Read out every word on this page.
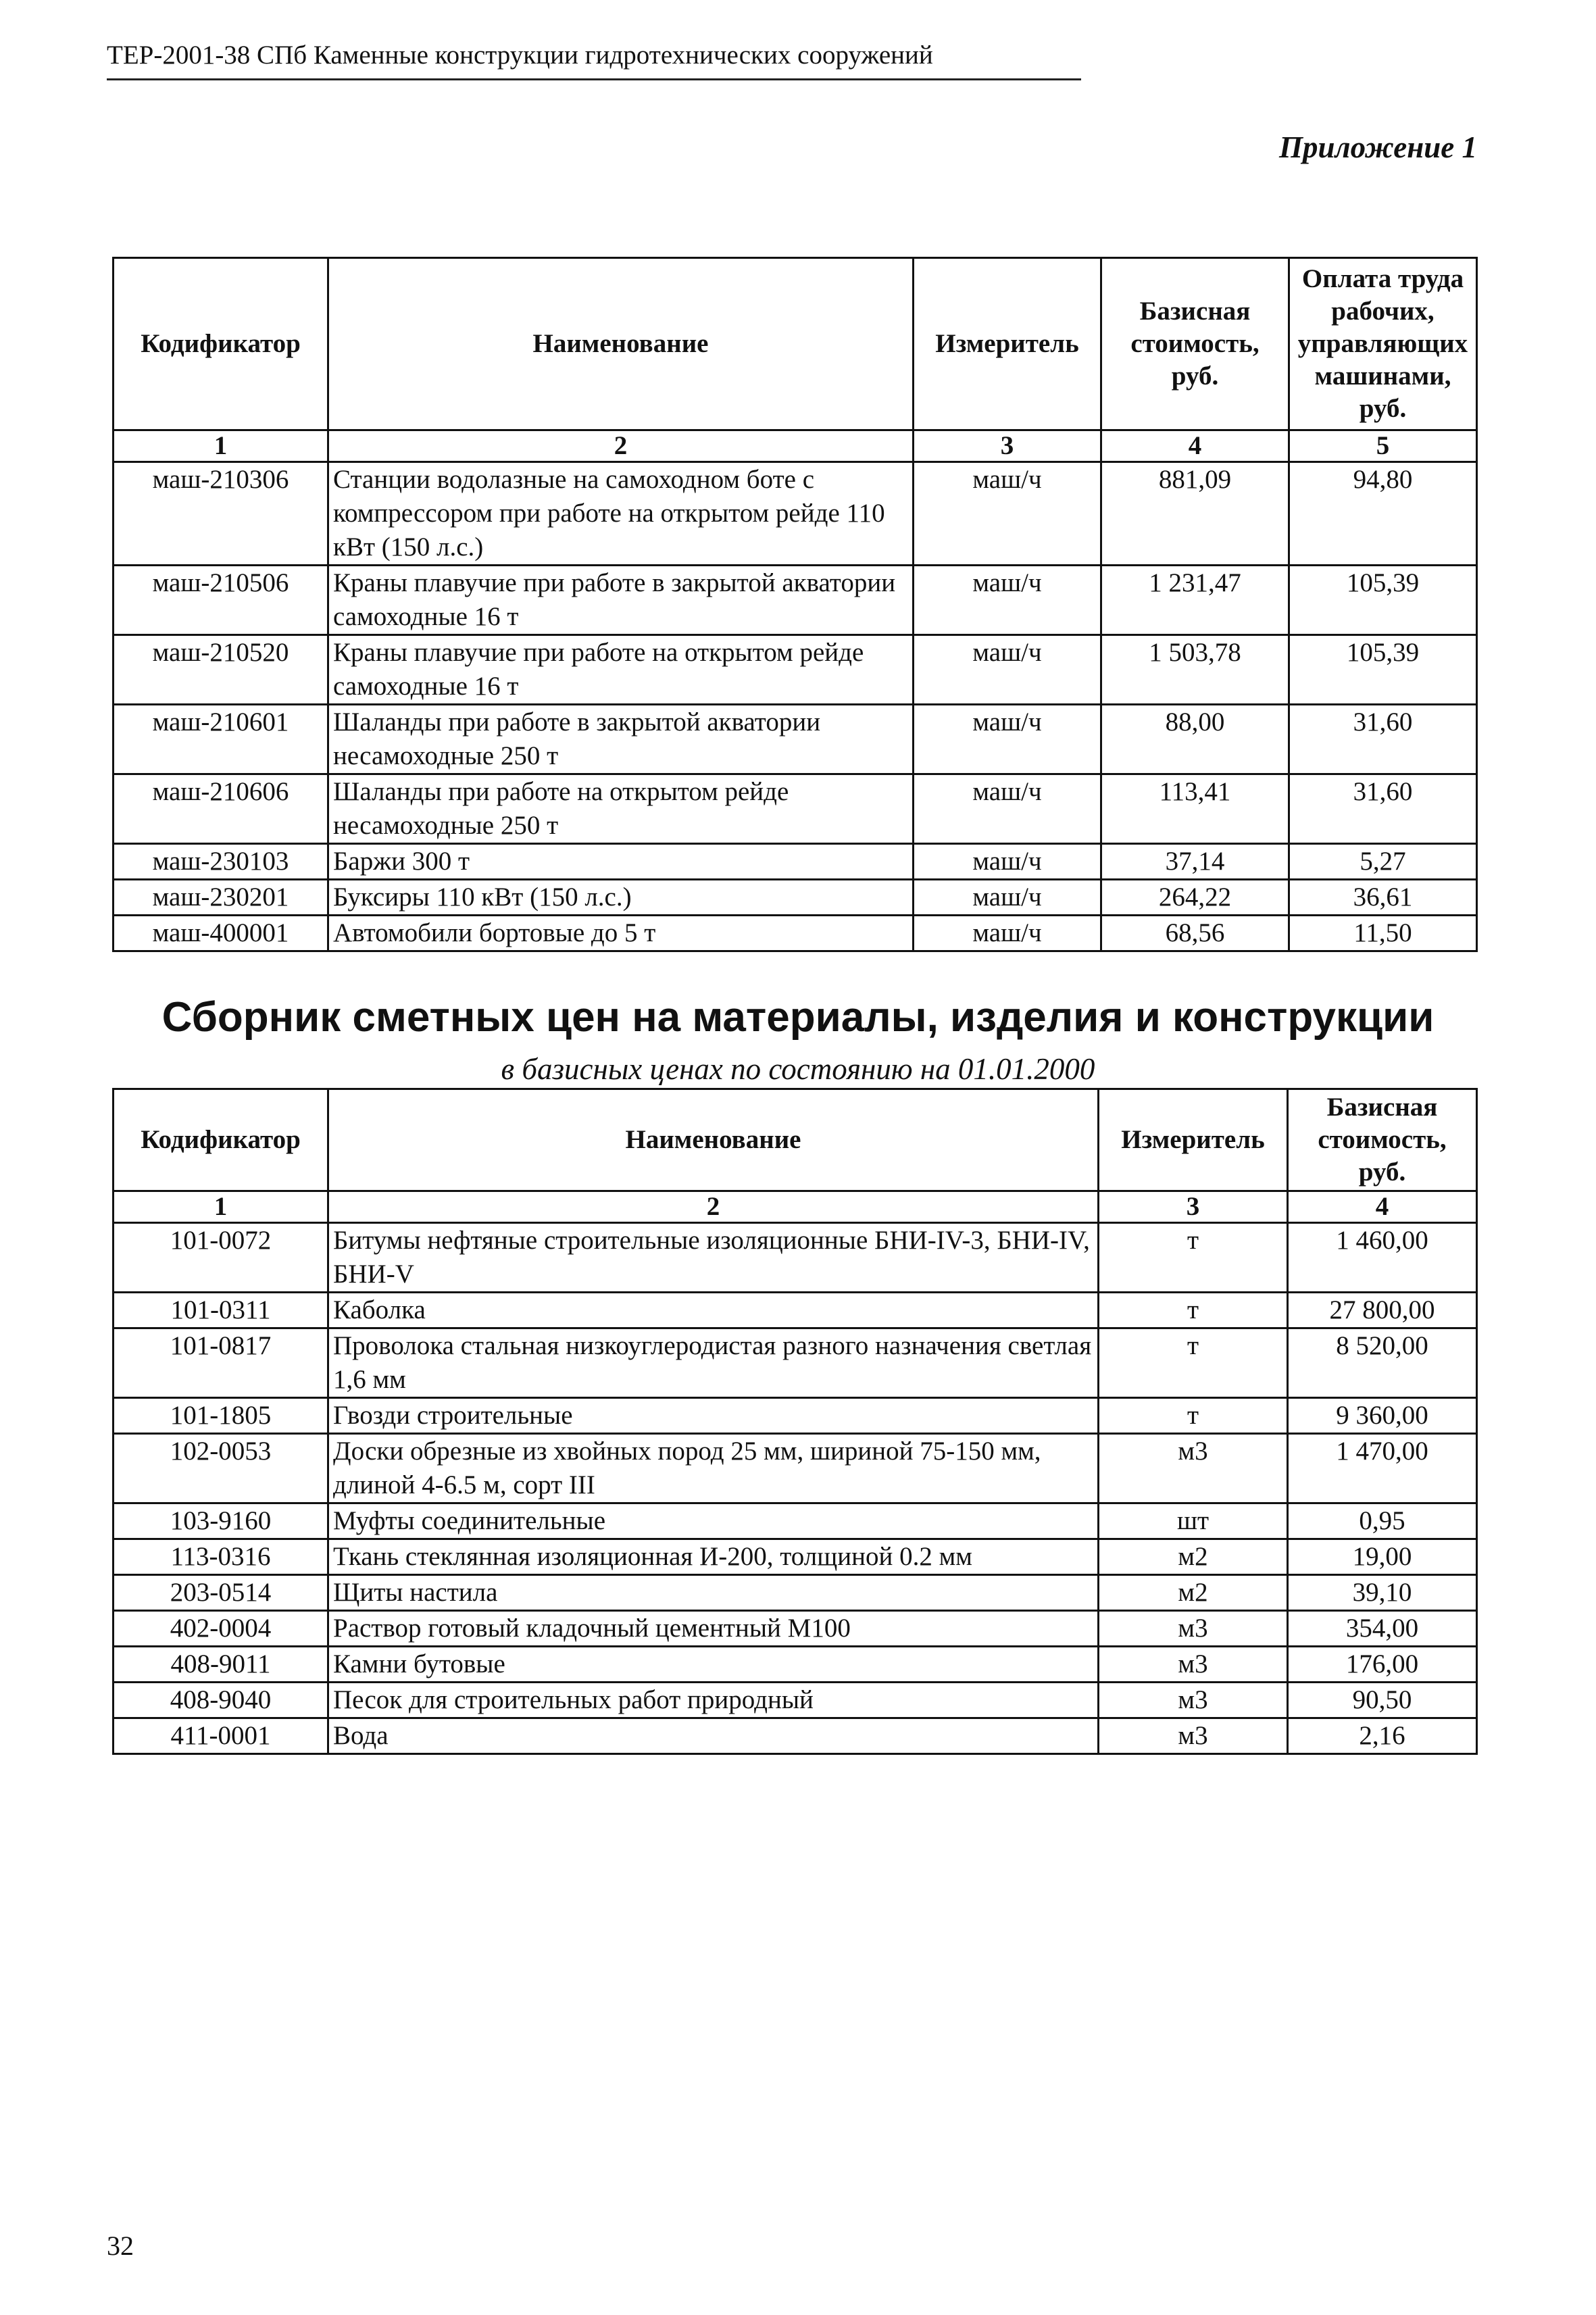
ТЕР-2001-38 СПб Каменные конструкции гидротехнических сооружений
Приложение 1
Кодификатор	Наименование	Измеритель	Базисная стоимость, руб.	Оплата труда рабочих, управляющих машинами, руб.
1	2	3	4	5
маш-210306	Станции водолазные на самоходном боте с компрессором при работе на открытом рейде 110 кВт (150 л.с.)	маш/ч	881,09	94,80
маш-210506	Краны плавучие при работе в закрытой акватории самоходные 16 т	маш/ч	1 231,47	105,39
маш-210520	Краны плавучие при работе на открытом рейде самоходные 16 т	маш/ч	1 503,78	105,39
маш-210601	Шаланды при работе в закрытой акватории несамоходные 250 т	маш/ч	88,00	31,60
маш-210606	Шаланды при работе на открытом рейде несамоходные 250 т	маш/ч	113,41	31,60
маш-230103	Баржи 300 т	маш/ч	37,14	5,27
маш-230201	Буксиры 110 кВт (150 л.с.)	маш/ч	264,22	36,61
маш-400001	Автомобили бортовые до 5 т	маш/ч	68,56	11,50
Сборник сметных цен на материалы, изделия и конструкции
в базисных ценах по состоянию на 01.01.2000
Кодификатор	Наименование	Измеритель	Базисная стоимость, руб.
1	2	3	4
101-0072	Битумы нефтяные строительные изоляционные БНИ-IV-3, БНИ-IV, БНИ-V	т	1 460,00
101-0311	Каболка	т	27 800,00
101-0817	Проволока стальная низкоуглеродистая разного назначения светлая 1,6 мм	т	8 520,00
101-1805	Гвозди строительные	т	9 360,00
102-0053	Доски обрезные из хвойных пород 25 мм, шириной 75-150 мм, длиной 4-6.5 м, сорт III	м3	1 470,00
103-9160	Муфты соединительные	шт	0,95
113-0316	Ткань стеклянная изоляционная И-200, толщиной 0.2 мм	м2	19,00
203-0514	Щиты настила	м2	39,10
402-0004	Раствор готовый кладочный цементный М100	м3	354,00
408-9011	Камни бутовые	м3	176,00
408-9040	Песок для строительных работ природный	м3	90,50
411-0001	Вода	м3	2,16
32
